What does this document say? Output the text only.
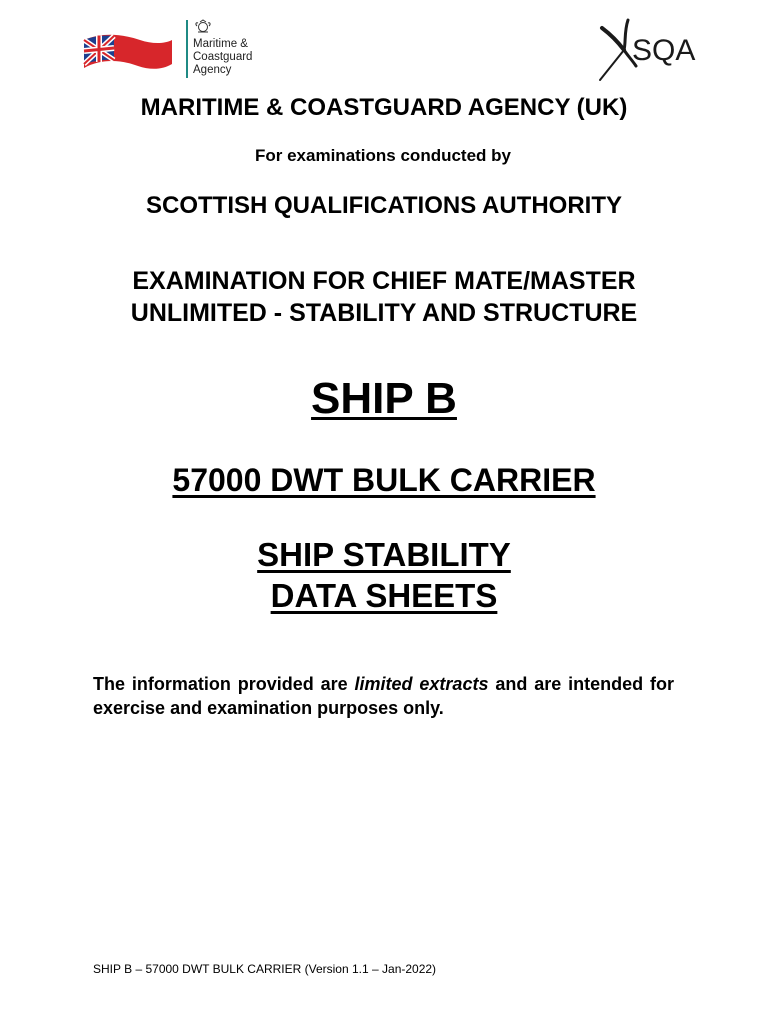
Maritime &
Coastguard
Agency
SQA
MARITIME & COASTGUARD AGENCY (UK)
For examinations conducted by
SCOTTISH QUALIFICATIONS AUTHORITY
EXAMINATION FOR CHIEF MATE/MASTER
UNLIMITED - STABILITY AND STRUCTURE
SHIP B
57000 DWT BULK CARRIER
SHIP STABILITY
DATA SHEETS
The information provided are limited extracts and are intended for exercise and examination purposes only.
SHIP B – 57000 DWT BULK CARRIER (Version 1.1 – Jan-2022)
